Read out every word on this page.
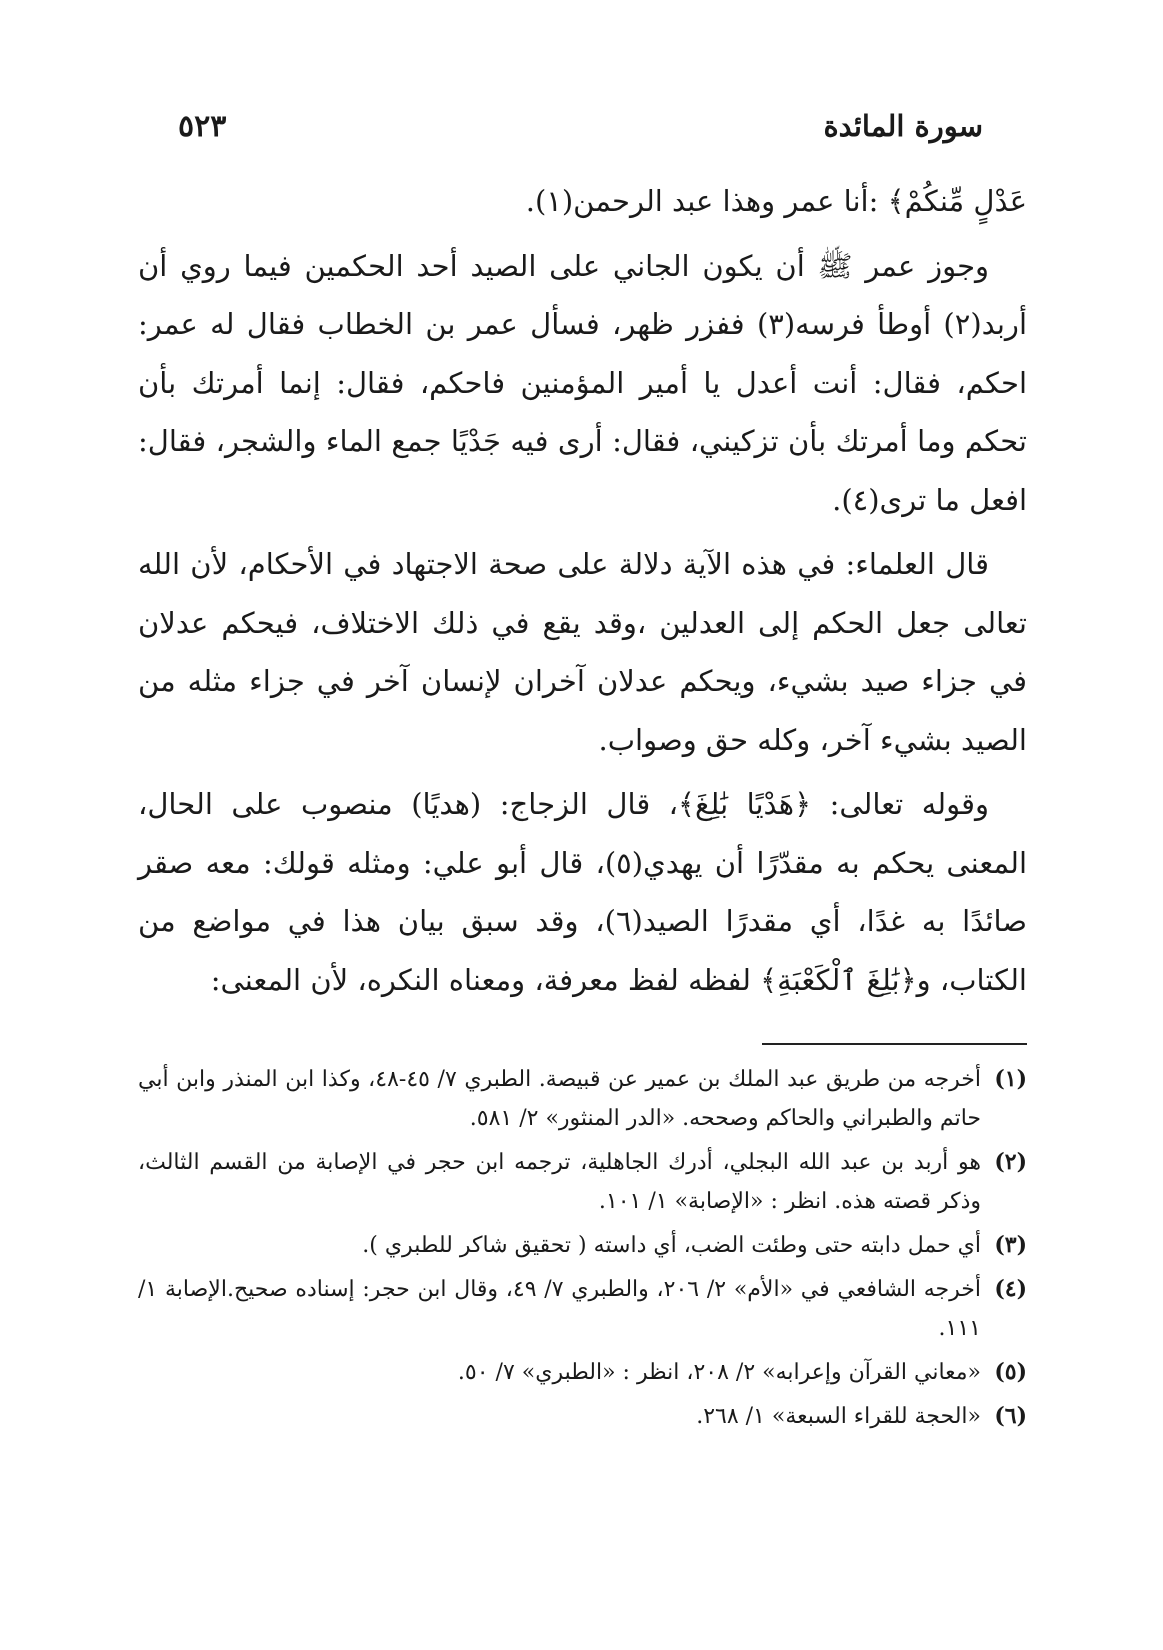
سورة المائدة
٥٢٣

عَدْلٍ مِّنكُمْ﴾ :أنا عمر وهذا عبد الرحمن(١).

وجوز عمر ﷺ أن يكون الجاني على الصيد أحد الحكمين فيما روي أن أربد(٢) أوطأ فرسه(٣) ففزر ظهر، فسأل عمر بن الخطاب فقال له عمر: احكم، فقال: أنت أعدل يا أمير المؤمنين فاحكم، فقال: إنما أمرتك بأن تحكم وما أمرتك بأن تزكيني، فقال: أرى فيه جَدْيًا جمع الماء والشجر، فقال: افعل ما ترى(٤).

قال العلماء: في هذه الآية دلالة على صحة الاجتهاد في الأحكام، لأن الله تعالى جعل الحكم إلى العدلين ،وقد يقع في ذلك الاختلاف، فيحكم عدلان في جزاء صيد بشيء، ويحكم عدلان آخران لإنسان آخر في جزاء مثله من الصيد بشيء آخر، وكله حق وصواب.

وقوله تعالى: ﴿هَدْيًا بَٰلِغَ﴾، قال الزجاج: (هديًا) منصوب على الحال، المعنى يحكم به مقدّرًا أن يهدي(٥)، قال أبو علي: ومثله قولك: معه صقر صائدًا به غدًا، أي مقدرًا الصيد(٦)، وقد سبق بيان هذا في مواضع من الكتاب، و﴿بَٰلِغَ ٱلْكَعْبَةِ﴾ لفظه لفظ معرفة، ومعناه النكره، لأن المعنى:

(١)
أخرجه من طريق عبد الملك بن عمير عن قبيصة. الطبري ٧/ ٤٥-٤٨، وكذا ابن المنذر وابن أبي حاتم والطبراني والحاكم وصححه. «الدر المنثور» ٢/ ٥٨١.
(٢)
هو أربد بن عبد الله البجلي، أدرك الجاهلية، ترجمه ابن حجر في الإصابة من القسم الثالث، وذكر قصته هذه. انظر : «الإصابة» ١/ ١٠١.
(٣)
أي حمل دابته حتى وطئت الضب، أي داسته ( تحقيق شاكر للطبري ).
(٤)
أخرجه الشافعي في «الأم» ٢/ ٢٠٦، والطبري ٧/ ٤٩، وقال ابن حجر: إسناده صحيح.الإصابة ١/ ١١١.
(٥)
«معاني القرآن وإعرابه» ٢/ ٢٠٨، انظر : «الطبري» ٧/ ٥٠.
(٦)
«الحجة للقراء السبعة» ١/ ٢٦٨.
